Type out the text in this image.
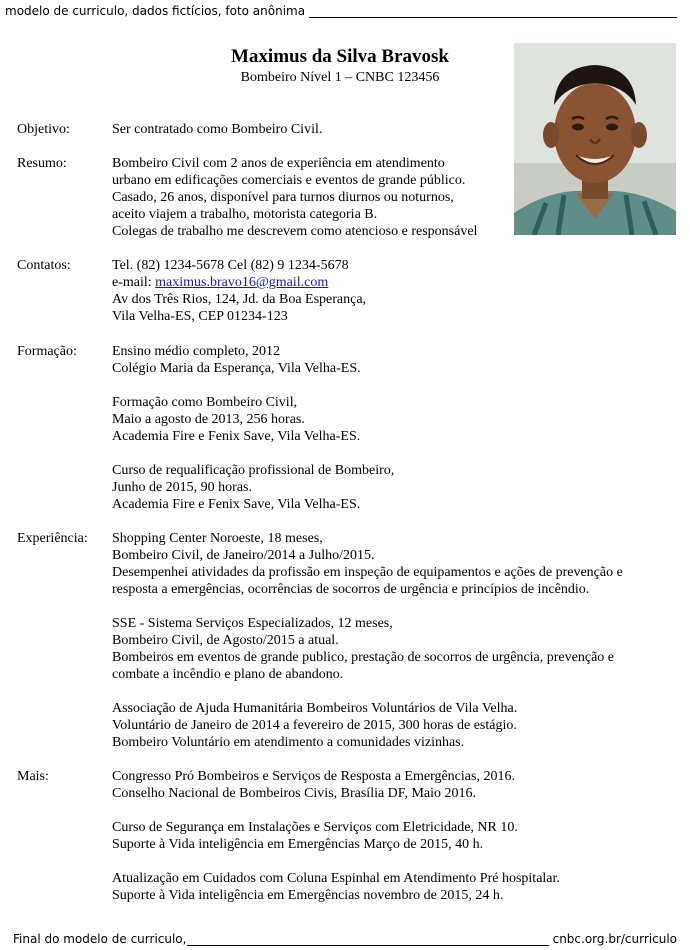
modelo de curriculo, dados fictícios, foto anônima
Maximus da Silva Bravosk
Bombeiro Nível 1 – CNBC 123456
Objetivo:	Ser contratado como Bombeiro Civil.
Resumo:	Bombeiro Civil com 2 anos de experiência em atendimento
urbano em edificações comerciais e eventos de grande público.
Casado, 26 anos, disponível para turnos diurnos ou noturnos,
aceito viajem a trabalho, motorista categoria B.
Colegas de trabalho me descrevem como atencioso e responsável
Contatos:	Tel. (82) 1234-5678 Cel (82) 9 1234-5678
e-mail: maximus.bravo16@gmail.com
Av dos Três Rios, 124, Jd. da Boa Esperança,
Vila Velha-ES, CEP 01234-123
Formação:	Ensino médio completo, 2012
Colégio Maria da Esperança, Vila Velha-ES.
Formação como Bombeiro Civil,
Maio a agosto de 2013, 256 horas.
Academia Fire e Fenix Save, Vila Velha-ES.
Curso de requalificação profissional de Bombeiro,
Junho de 2015, 90 horas.
Academia Fire e Fenix Save, Vila Velha-ES.
Experiência:	Shopping Center Noroeste, 18 meses,
Bombeiro Civil, de Janeiro/2014 a Julho/2015.
Desempenhei atividades da profissão em inspeção de equipamentos e ações de prevenção e
resposta a emergências, ocorrências de socorros de urgência e princípios de incêndio.
SSE - Sistema Serviços Especializados, 12 meses,
Bombeiro Civil, de Agosto/2015 a atual.
Bombeiros em eventos de grande publico, prestação de socorros de urgência, prevenção e
combate a incêndio e plano de abandono.
Associação de Ajuda Humanitária Bombeiros Voluntários de Vila Velha.
Voluntário de Janeiro de 2014 a fevereiro de 2015, 300 horas de estágio.
Bombeiro Voluntário em atendimento a comunidades vizinhas.
Mais:	Congresso Pró Bombeiros e Serviços de Resposta a Emergências, 2016.
Conselho Nacional de Bombeiros Civis, Brasília DF, Maio 2016.
Curso de Segurança em Instalações e Serviços com Eletricidade, NR 10.
Suporte à Vida inteligência em Emergências Março de 2015, 40 h.
Atualização em Cuidados com Coluna Espinhal em Atendimento Pré hospitalar.
Suporte à Vida inteligência em Emergências novembro de 2015, 24 h.
Final do modelo de curriculo,	cnbc.org.br/curriculo
